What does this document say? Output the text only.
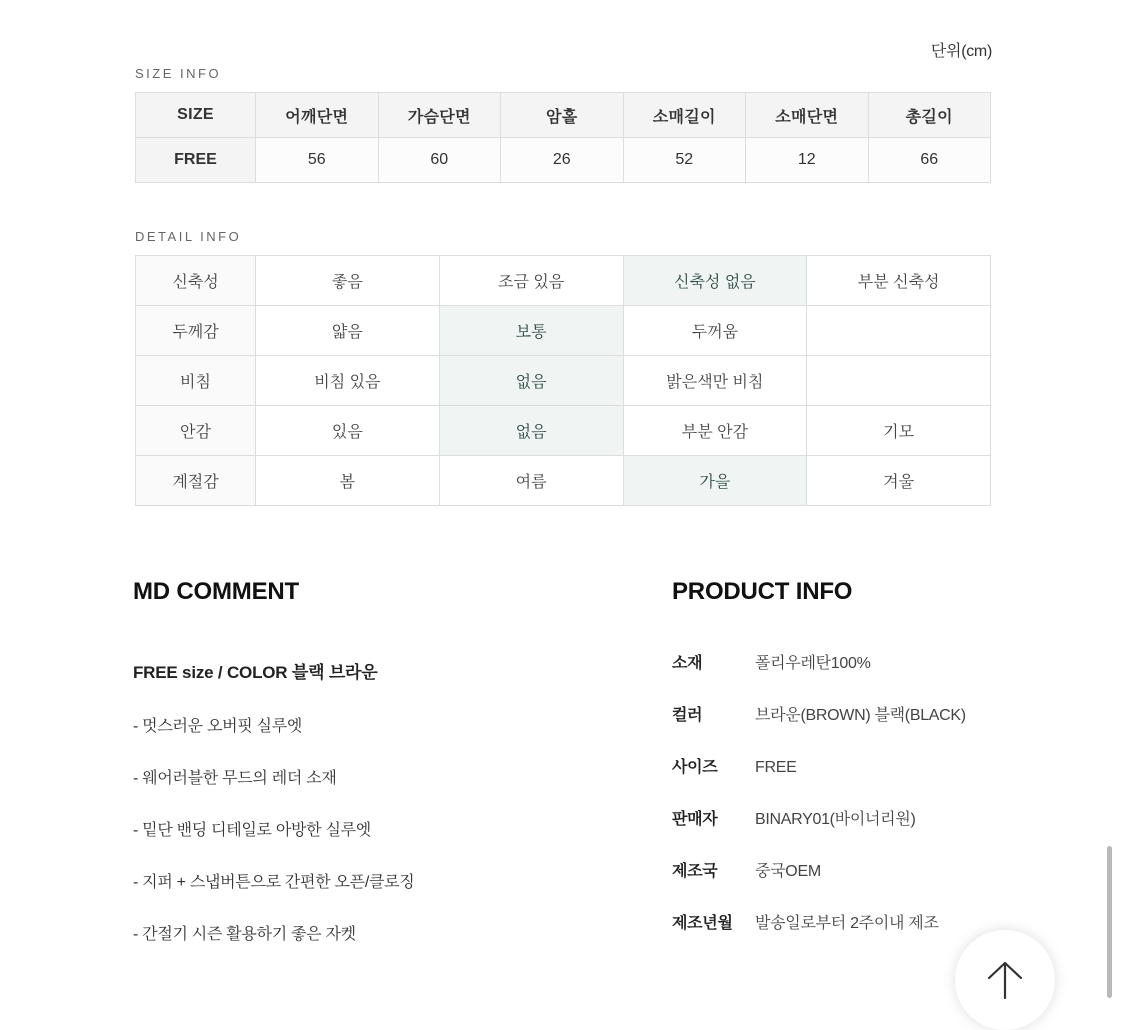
단위(cm)
SIZE INFO
SIZE	어깨단면	가슴단면	암홀	소매길이	소매단면	총길이
FREE	56	60	26	52	12	66
DETAIL INFO
신축성	좋음	조금 있음	신축성 없음	부분 신축성
두께감	얇음	보통	두꺼움	
비침	비침 있음	없음	밝은색만 비침	
안감	있음	없음	부분 안감	기모
계절감	봄	여름	가을	겨울
MD COMMENT
FREE size / COLOR 블랙 브라운
- 멋스러운 오버핏 실루엣
- 웨어러블한 무드의 레더 소재
- 밑단 밴딩 디테일로 아방한 실루엣
- 지퍼 + 스냅버튼으로 간편한 오픈/클로징
- 간절기 시즌 활용하기 좋은 자켓
PRODUCT INFO
소재	폴리우레탄100%
컬러	브라운(BROWN) 블랙(BLACK)
사이즈	FREE
판매자	BINARY01(바이너리원)
제조국	중국OEM
제조년월	발송일로부터 2주이내 제조
